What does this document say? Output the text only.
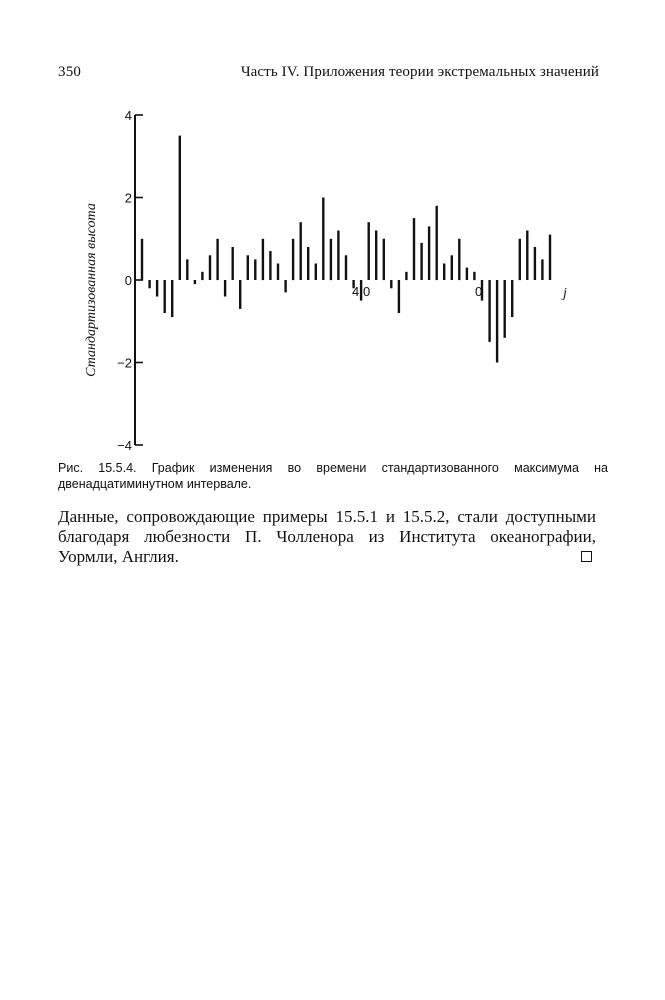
350	Часть IV. Приложения теории экстремальных значений
Стандартизованная высота
−4
−2
0
2
4
4 0	0	j
Рис. 15.5.4. График изменения во времени стандартизованного максимума на двенадцатиминутном интервале.
Данные, сопровождающие примеры 15.5.1 и 15.5.2, стали доступными благодаря любезности П. Чолленора из Института океанографии, Уормли, Англия.
